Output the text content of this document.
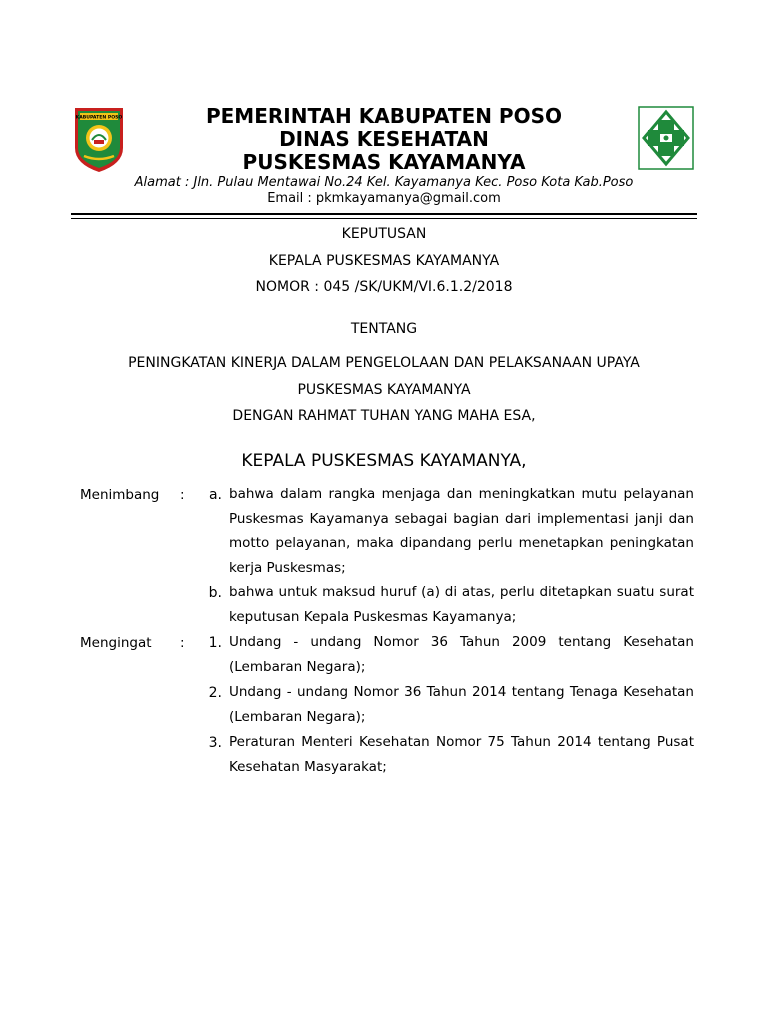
KABUPATEN POSO	PEMERINTAH KABUPATEN POSO
DINAS KESEHATAN
PUSKESMAS KAYAMANYA
Alamat : Jln. Pulau Mentawai No.24 Kel. Kayamanya Kec. Poso Kota Kab.Poso
Email : pkmkayamanya@gmail.com
KEPUTUSAN
KEPALA PUSKESMAS KAYAMANYA
NOMOR : 045 /SK/UKM/VI.6.1.2/2018
TENTANG
PENINGKATAN KINERJA DALAM PENGELOLAAN DAN PELAKSANAAN UPAYA
PUSKESMAS KAYAMANYA
DENGAN RAHMAT TUHAN YANG MAHA ESA,
KEPALA PUSKESMAS KAYAMANYA,
Menimbang :	a. bahwa dalam rangka menjaga dan meningkatkan mutu pelayanan Puskesmas Kayamanya sebagai bagian dari implementasi janji dan motto pelayanan, maka dipandang perlu menetapkan peningkatan kerja Puskesmas;

b. bahwa untuk maksud huruf (a) di atas, perlu ditetapkan suatu surat keputusan Kepala Puskesmas Kayamanya;

Mengingat :	1. Undang - undang Nomor 36 Tahun 2009 tentang Kesehatan (Lembaran Negara);

2. Undang - undang Nomor 36 Tahun 2014 tentang Tenaga Kesehatan (Lembaran Negara);

3. Peraturan Menteri Kesehatan Nomor 75 Tahun 2014 tentang Pusat Kesehatan Masyarakat;
